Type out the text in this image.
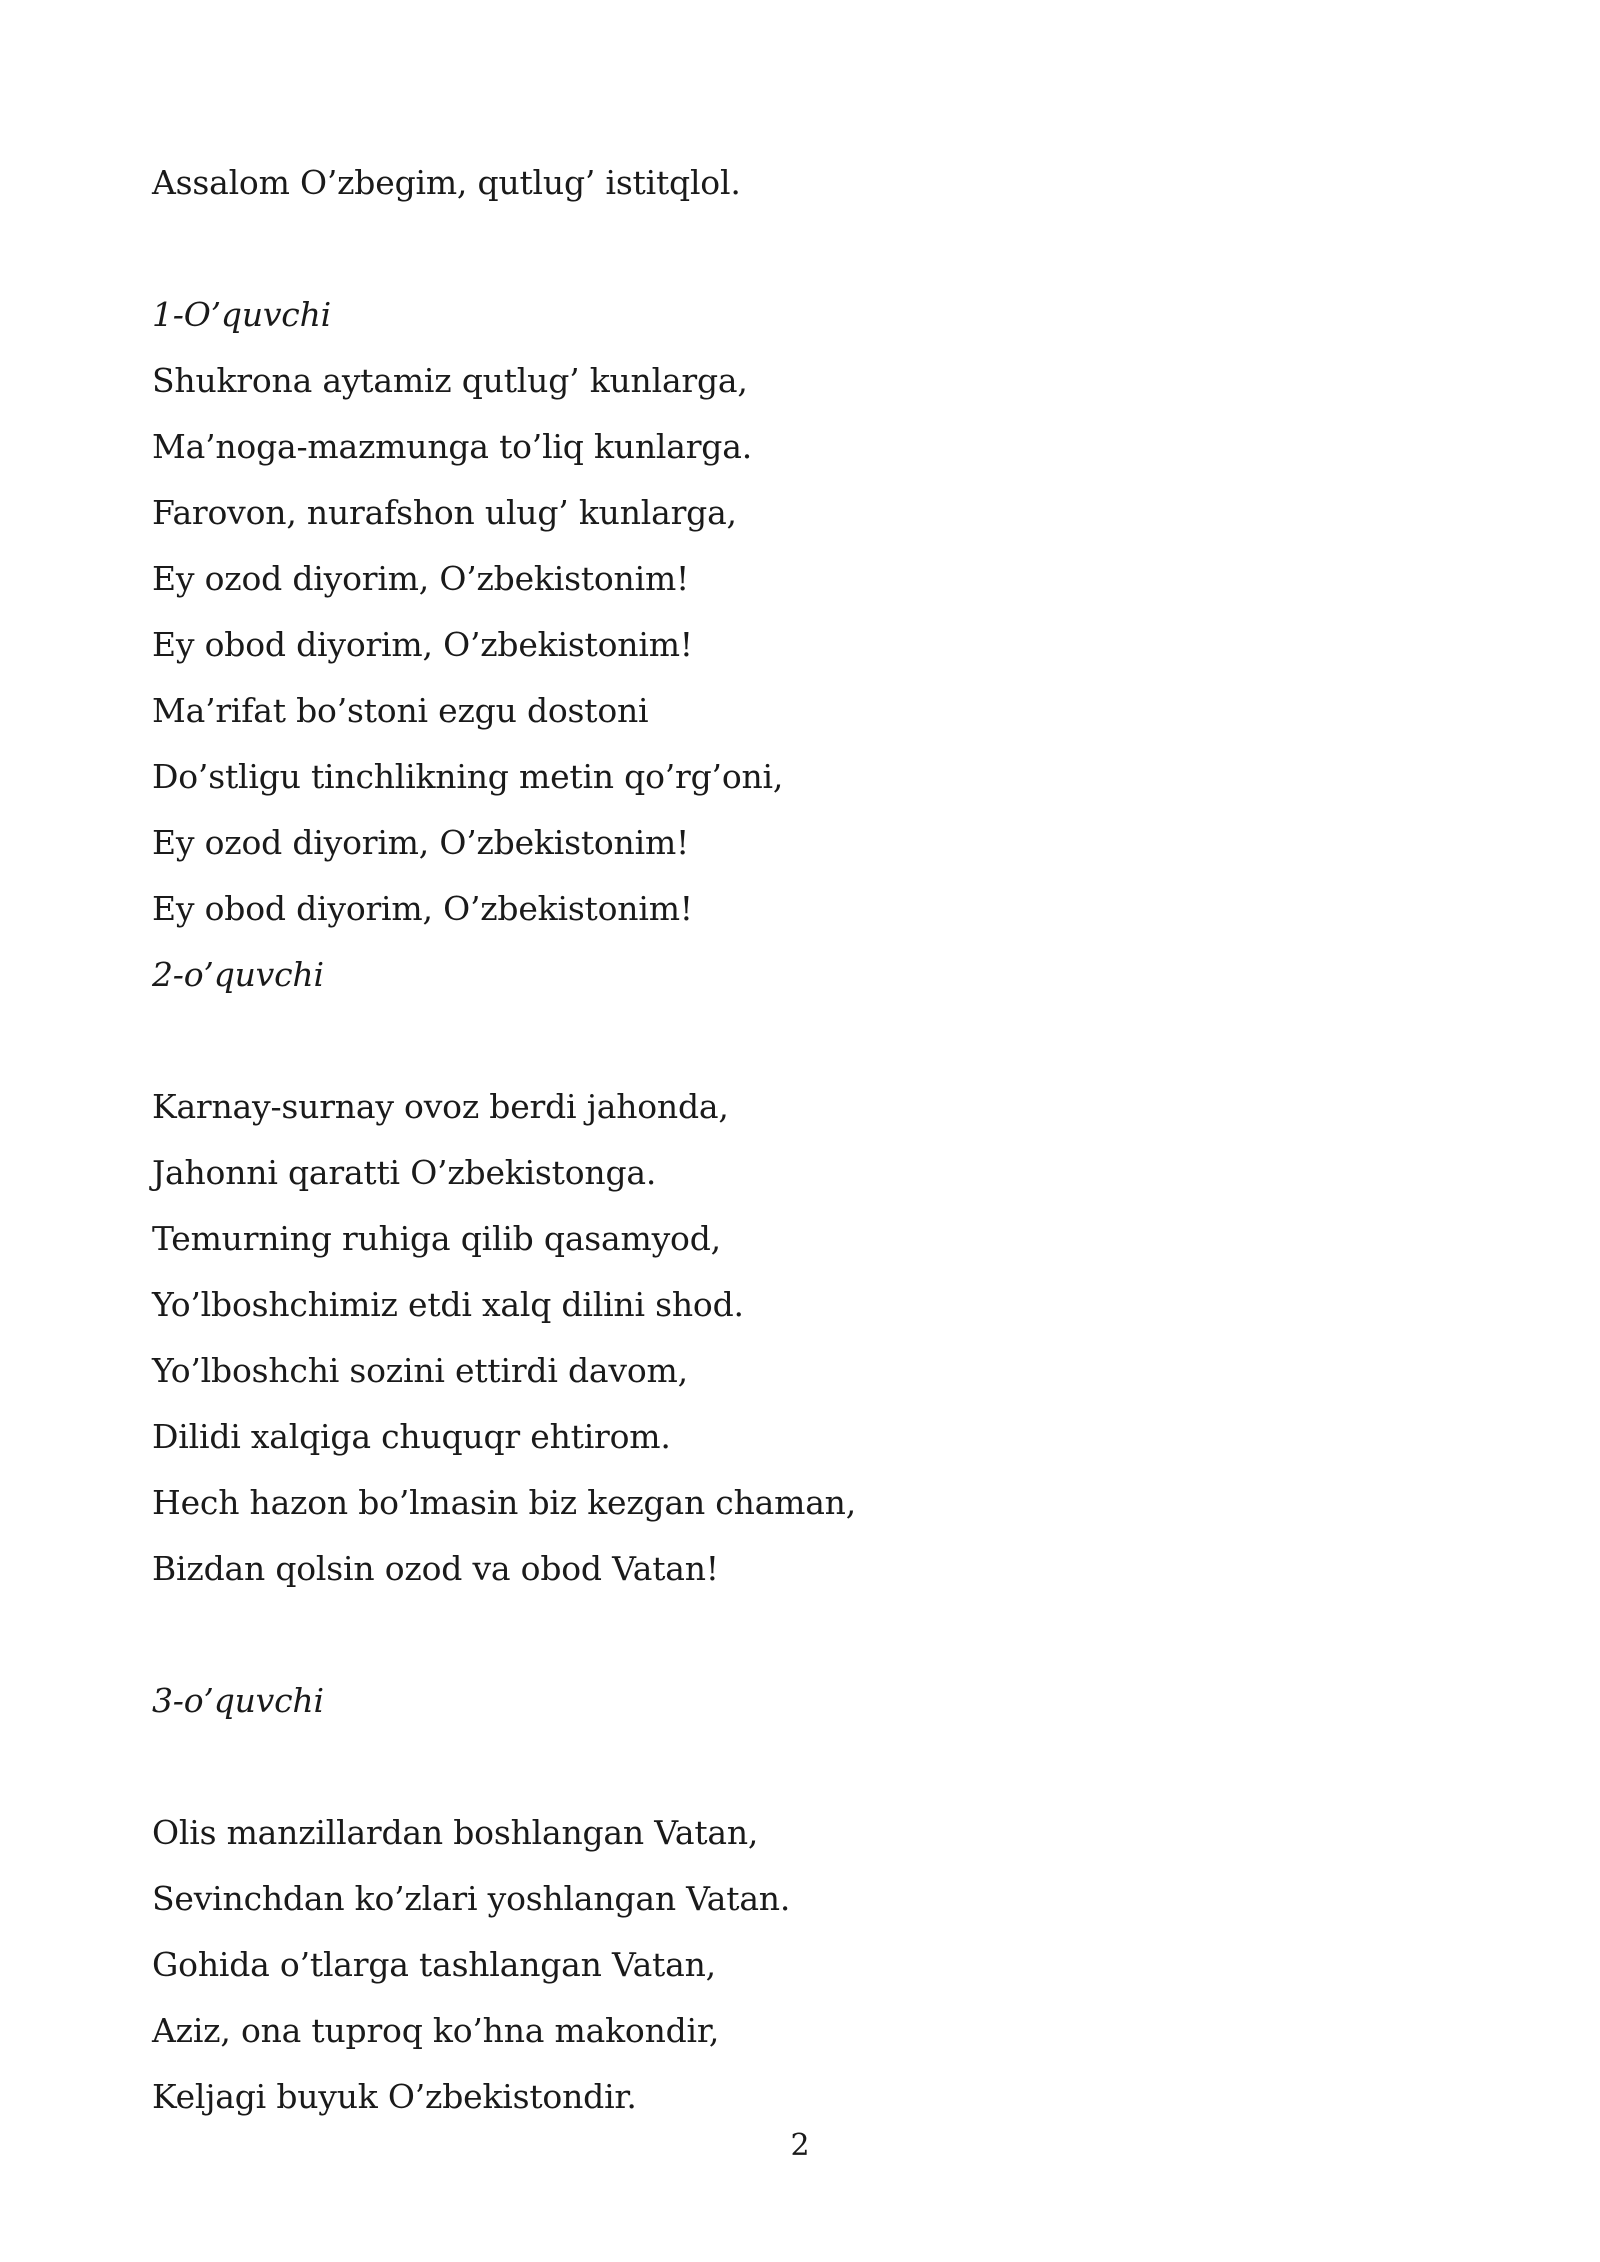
Assalom O’zbegim, qutlug’ istitqlol.
1-O’quvchi
Shukrona aytamiz qutlug’ kunlarga,
Ma’noga-mazmunga to’liq kunlarga.
Farovon, nurafshon ulug’ kunlarga,
Ey ozod diyorim, O’zbekistonim!
Ey obod diyorim, O’zbekistonim!
Ma’rifat bo’stoni ezgu dostoni
Do’stligu tinchlikning metin qo’rg’oni,
Ey ozod diyorim, O’zbekistonim!
Ey obod diyorim, O’zbekistonim!
2-o’quvchi
Karnay-surnay ovoz berdi jahonda,
Jahonni qaratti O’zbekistonga.
Temurning ruhiga qilib qasamyod,
Yo’lboshchimiz etdi xalq dilini shod.
Yo’lboshchi sozini ettirdi davom,
Dilidi xalqiga chuquqr ehtirom.
Hech hazon bo’lmasin biz kezgan chaman,
Bizdan qolsin ozod va obod Vatan!
3-o’quvchi
Olis manzillardan boshlangan Vatan,
Sevinchdan ko’zlari yoshlangan Vatan.
Gohida o’tlarga tashlangan Vatan,
Aziz, ona tuproq ko’hna makondir,
Keljagi buyuk O’zbekistondir.
2
